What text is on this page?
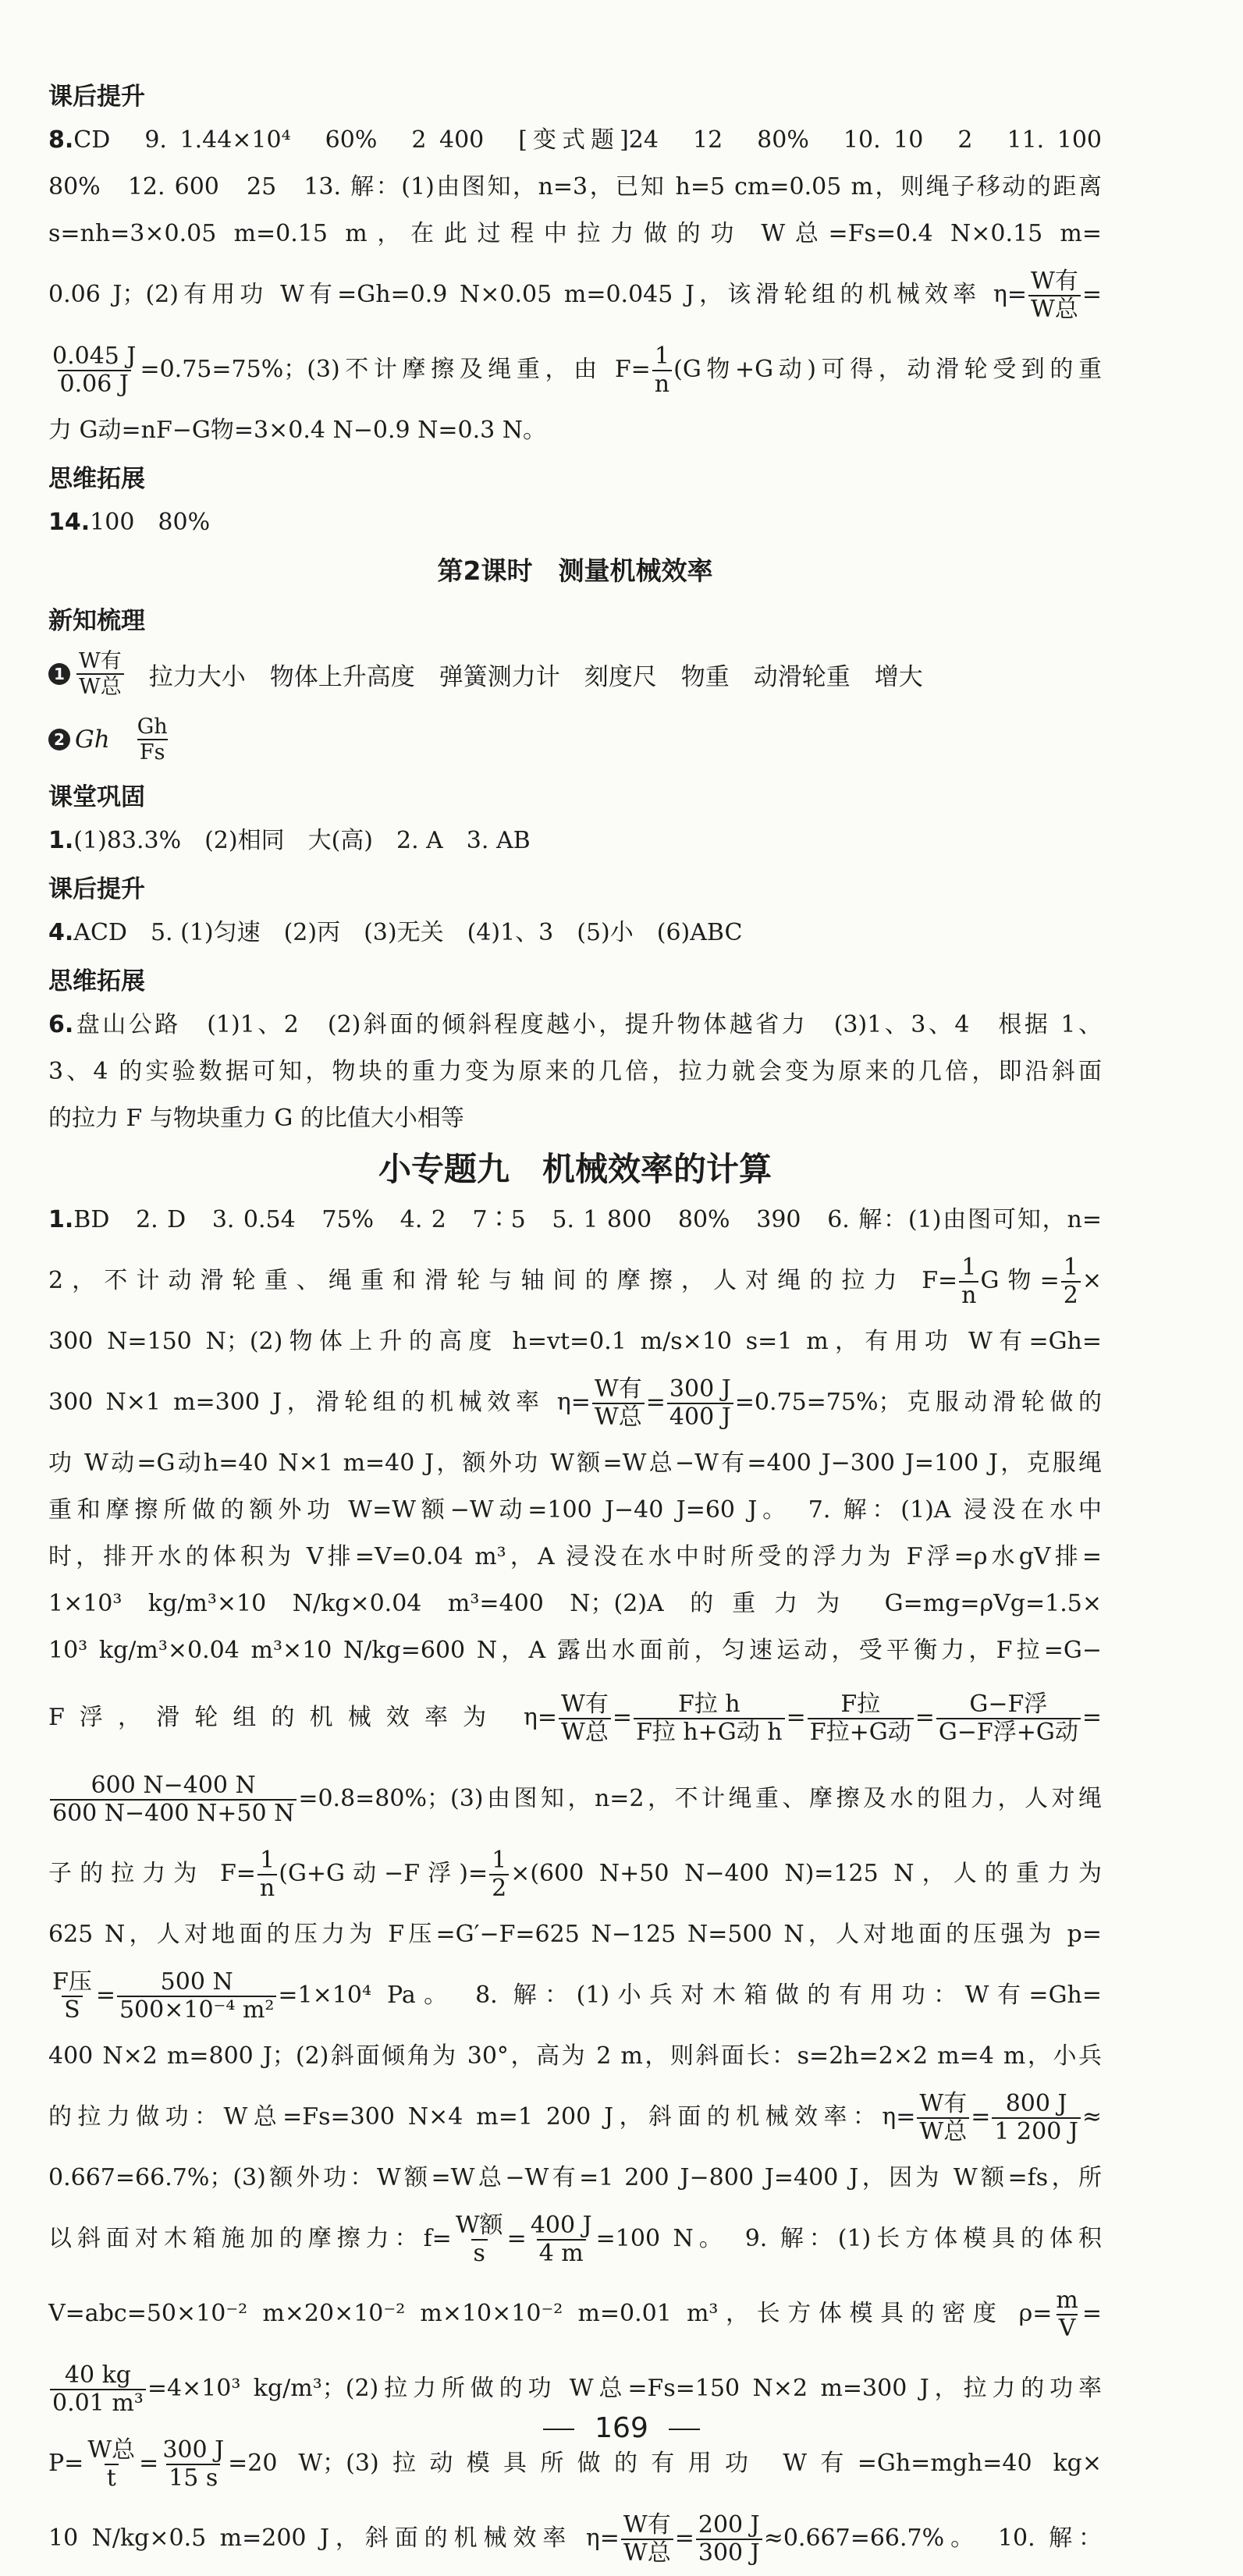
课后提升
8.CD　9. 1.44×10⁴　60%　2 400　[变式题]24　12　80%　10. 10　2　11. 100
80%　12. 600　25　13. 解：(1)由图知，n=3，已知 h=5 cm=0.05 m，则绳子移动的距离
s=nh=3×0.05 m=0.15 m，在此过程中拉力做的功 W总=Fs=0.4 N×0.15 m=
0.06 J；(2)有用功 W有=Gh=0.9 N×0.05 m=0.045 J，该滑轮组的机械效率 η= W有
W总
=
$\frac{0.045 J}{0.06 J} =0.75=75\%$；(3)不计摩擦及绳重，由 $F= \frac{1}{n} (G$物+G动)可得，动滑轮受到的重
力 G动=nF−G物=3×0.4 N−0.9 N=0.3 N。
思维拓展
14.100　80%
第2课时　测量机械效率
新知梳理
1
W有
W总 拉力大小　物体上升高度　弹簧测力计　刻度尺　物重　动滑轮重　增大
2 Gh $\frac{Gh}{Fs}$
课堂巩固
1.(1)83.3%　(2)相同　大(高)　2. A　3. AB
课后提升
4.ACD　5. (1)匀速　(2)丙　(3)无关　(4)1、3　(5)小　(6)ABC
思维拓展
6.盘山公路　(1)1、2　(2)斜面的倾斜程度越小，提升物体越省力　(3)1、3、4　根据 1、
3、4 的实验数据可知，物块的重力变为原来的几倍，拉力就会变为原来的几倍，即沿斜面
的拉力 F 与物块重力 G 的比值大小相等
小专题九　机械效率的计算
1.BD　2. D　3. 0.54　75%　4. 2　7∶5　5. 1 800　80%　390　6. 解：(1)由图可知，n=
2，不计动滑轮重、绳重和滑轮与轴间的摩擦，人对绳的拉力 $F= \frac{1}{n}$ G物= $\frac{1}{2}$ ×
300 N=150 N；(2)物体上升的高度 h=vt=0.1 m/s×10 s=1 m，有用功 W有=Gh=
300 N×1 m=300 J，滑轮组的机械效率 η= W有
W总
= $\frac{300 J}{400 J} =0.75=75\%$；克服动滑轮做的
功 W动=G动h=40 N×1 m=40 J，额外功 W额=W总−W有=400 J−300 J=100 J，克服绳
重和摩擦所做的额外功 W=W额−W动=100 J−40 J=60 J。　7. 解：(1)A 浸没在水中
时，排开水的体积为 V排=V=0.04 m³，A 浸没在水中时所受的浮力为 F浮=ρ水gV排=
1×10³ kg/m³×10 N/kg×0.04 m³=400 N；(2)A 的重力为 G=mg=ρVg=1.5×
10³ kg/m³×0.04 m³×10 N/kg=600 N，A 露出水面前，匀速运动，受平衡力，F拉=G−
F浮，滑轮组的机械效率为 η= W有
W总
= F拉 h
F拉 h+G动 h
= F拉
F拉+G动
= G−F浮
G−F浮+G动
=
$\frac{600 N-400 N}{600 N-400 N+50 N} =0.8=80\%$；(3)由图知，n=2，不计绳重、摩擦及水的阻力，人对绳
子的拉力为 $F= \frac{1}{n} (G+G$动−F浮)= $\frac{1}{2} \times(600$ N+50 N−400 N)=125 N，人的重力为
625 N，人对地面的压力为 F压=G′−F=625 N−125 N=500 N，人对地面的压强为 p=
F压
S
= $\frac{500 N}{\text{500×10⁻⁴ m²}} =1\times 10^4$ Pa。　8. 解：(1)小兵对木箱做的有用功：W有=Gh=
400 N×2 m=800 J；(2)斜面倾角为 30°，高为 2 m，则斜面长：s=2h=2×2 m=4 m，小兵
的拉力做功：W总=Fs=300 N×4 m=1 200 J，斜面的机械效率：η= W有
W总
= $\frac{800 J}{1 200 J}$ ≈
0.667=66.7%；(3)额外功：W额=W总−W有=1 200 J−800 J=400 J，因为 W额=fs，所
以斜面对木箱施加的摩擦力：f= W额
s
= $\frac{400 J}{4 m} =100$ N。　9. 解：(1)长方体模具的体积
V=abc=50×10⁻² m×20×10⁻² m×10×10⁻² m=0.01 m³，长方体模具的密度 $\rho= \frac{m}{V}$ =
$\frac{40 kg}{\text{0.01 m³}} =4\times 10^3$ kg/m³；(2)拉力所做的功 W总=Fs=150 N×2 m=300 J，拉力的功率
P= W总
t
= $\frac{300 J}{15 s} =20$ W；(3)拉动模具所做的有用功 W有=Gh=mgh=40 kg×
10 N/kg×0.5 m=200 J，斜面的机械效率 η= W有
W总
= $\frac{200 J}{300 J} \approx 0.667=66.7\%$。　10. 解：
169
